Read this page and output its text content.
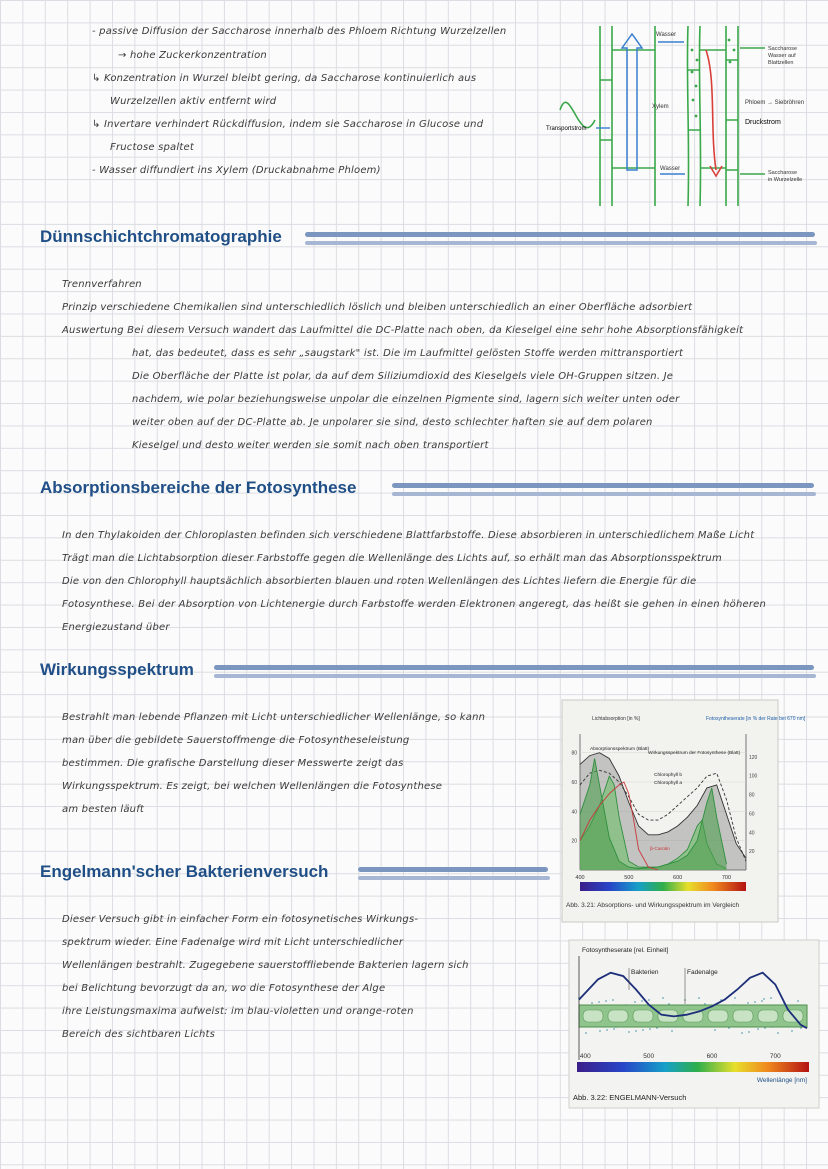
- passive Diffusion der Saccharose innerhalb des Phloem Richtung Wurzelzellen
→ hohe Zuckerkonzentration
↳ Konzentration in Wurzel bleibt gering, da Saccharose kontinuierlich aus
Wurzelzellen aktiv entfernt wird
↳ Invertare verhindert Rückdiffusion, indem sie Saccharose in Glucose und
Fructose spaltet
- Wasser diffundiert ins Xylem (Druckabnahme Phloem)
Wasser
Saccharose
Wasser auf
Blattzellen
Xylem
Phloem → Siebröhren
Druckstrom
Transportstrom
Wasser
Saccharose
in Wurzelzelle
Dünnschichtchromatographie
Trennverfahren
Prinzip verschiedene Chemikalien sind unterschiedlich löslich und bleiben unterschiedlich an einer Oberfläche adsorbiert
Auswertung Bei diesem Versuch wandert das Laufmittel die DC-Platte nach oben, da Kieselgel eine sehr hohe Absorptionsfähigkeit
hat, das bedeutet, dass es sehr „saugstark" ist. Die im Laufmittel gelösten Stoffe werden mittransportiert
Die Oberfläche der Platte ist polar, da auf dem Siliziumdioxid des Kieselgels viele OH-Gruppen sitzen. Je
nachdem, wie polar beziehungsweise unpolar die einzelnen Pigmente sind, lagern sich weiter unten oder
weiter oben auf der DC-Platte ab. Je unpolarer sie sind, desto schlechter haften sie auf dem polaren
Kieselgel und desto weiter werden sie somit nach oben transportiert
Absorptionsbereiche der Fotosynthese
In den Thylakoiden der Chloroplasten befinden sich verschiedene Blattfarbstoffe. Diese absorbieren in unterschiedlichem Maße Licht
Trägt man die Lichtabsorption dieser Farbstoffe gegen die Wellenlänge des Lichts auf, so erhält man das Absorptionsspektrum
Die von den Chlorophyll hauptsächlich absorbierten blauen und roten Wellenlängen des Lichtes liefern die Energie für die
Fotosynthese. Bei der Absorption von Lichtenergie durch Farbstoffe werden Elektronen angeregt, das heißt sie gehen in einen höheren
Energiezustand über
Wirkungsspektrum
Bestrahlt man lebende Pflanzen mit Licht unterschiedlicher Wellenlänge, so kann
man über die gebildete Sauerstoffmenge die Fotosyntheseleistung
bestimmen. Die grafische Darstellung dieser Messwerte zeigt das
Wirkungsspektrum. Es zeigt, bei welchen Wellenlängen die Fotosynthese
am besten läuft
Engelmann'scher Bakterienversuch
Dieser Versuch gibt in einfacher Form ein fotosynetisches Wirkungs-
spektrum wieder. Eine Fadenalge wird mit Licht unterschiedlicher
Wellenlängen bestrahlt. Zugegebene sauerstoffliebende Bakterien lagern sich
bei Belichtung bevorzugt da an, wo die Fotosynthese der Alge
ihre Leistungsmaxima aufweist: im blau-violetten und orange-roten
Bereich des sichtbaren Lichts
20
40
60
80
20
40
60
80
100
120
400	500	600	700
Lichtabsorption [in %]	Fotosyntheserate [in % der Rate bei 670 nm]
Absorptionsspektrum (Blatt)
Wirkungsspektrum der Fotosynthese (Blatt)
Chlorophyll b
Chlorophyll a
β-Carotin
Abb. 3.21: Absorptions- und Wirkungsspektrum im Vergleich
Fotosyntheserate [rel. Einheit]
Bakterien	Fadenalge
400	500	600	700
Wellenlänge [nm]
Abb. 3.22: ENGELMANN-Versuch
